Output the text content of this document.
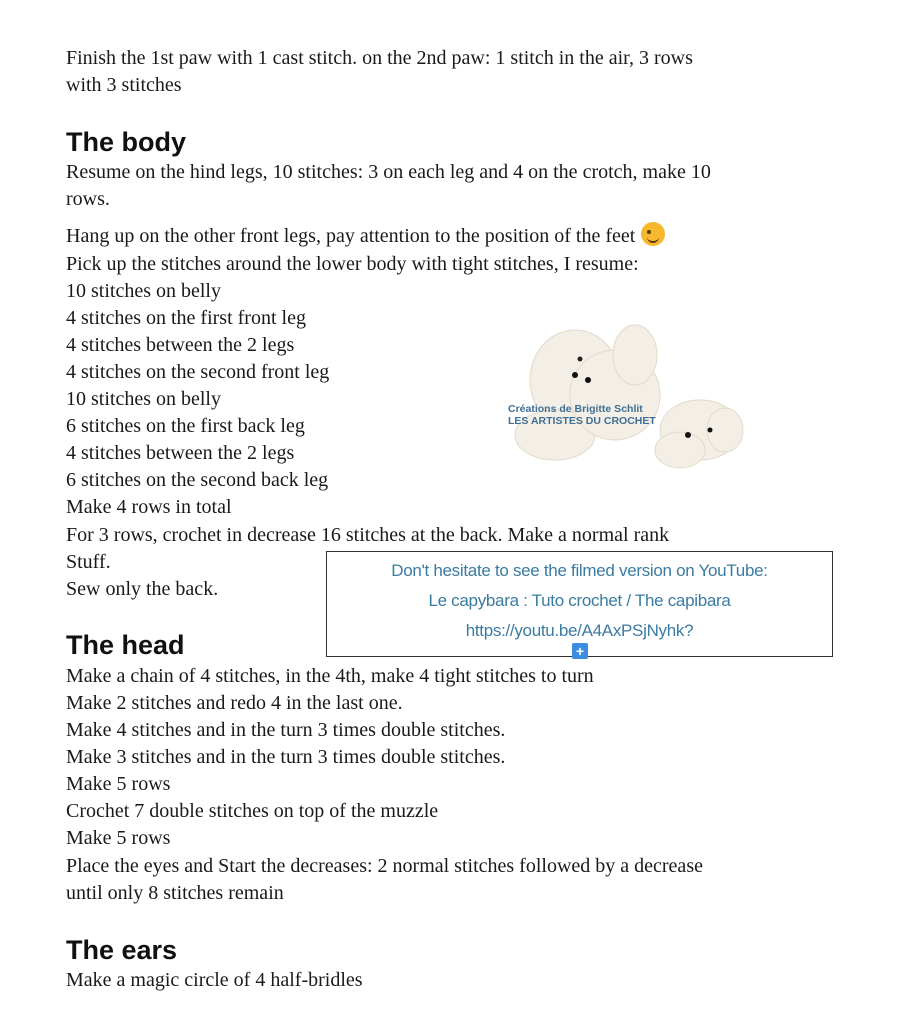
Finish the 1st paw with 1 cast stitch. on the 2nd paw: 1 stitch in the air, 3 rows
with 3 stitches
The body
Resume on the hind legs, 10 stitches: 3 on each leg and 4 on the crotch, make 10
rows.
Hang up on the other front legs, pay attention to the position of the feet
Pick up the stitches around the lower body with tight stitches, I resume:
10 stitches on belly
4 stitches on the first front leg
4 stitches between the 2 legs
4 stitches on the second front leg
10 stitches on belly
6 stitches on the first back leg
4 stitches between the 2 legs
6 stitches on the second back leg
Make 4 rows in total
For 3 rows, crochet in decrease 16 stitches at the back. Make a normal rank
Stuff.
Sew only the back.
Créations de Brigitte Schlit
LES ARTISTES DU CROCHET
The head
Make a chain of 4 stitches, in the 4th, make 4 tight stitches to turn
Make 2 stitches and redo 4 in the last one.
Make 4 stitches and in the turn 3 times double stitches.
Make 3 stitches and in the turn 3 times double stitches.
Make 5 rows
Crochet 7 double stitches on top of the muzzle
Make 5 rows
Place the eyes and Start the decreases: 2 normal stitches followed by a decrease
until only 8 stitches remain
Don't hesitate to see the filmed version on YouTube:
Le capybara : Tuto crochet / The capibara
https://youtu.be/A4AxPSjNyhk?
+
The ears
Make a magic circle of 4 half-bridles
